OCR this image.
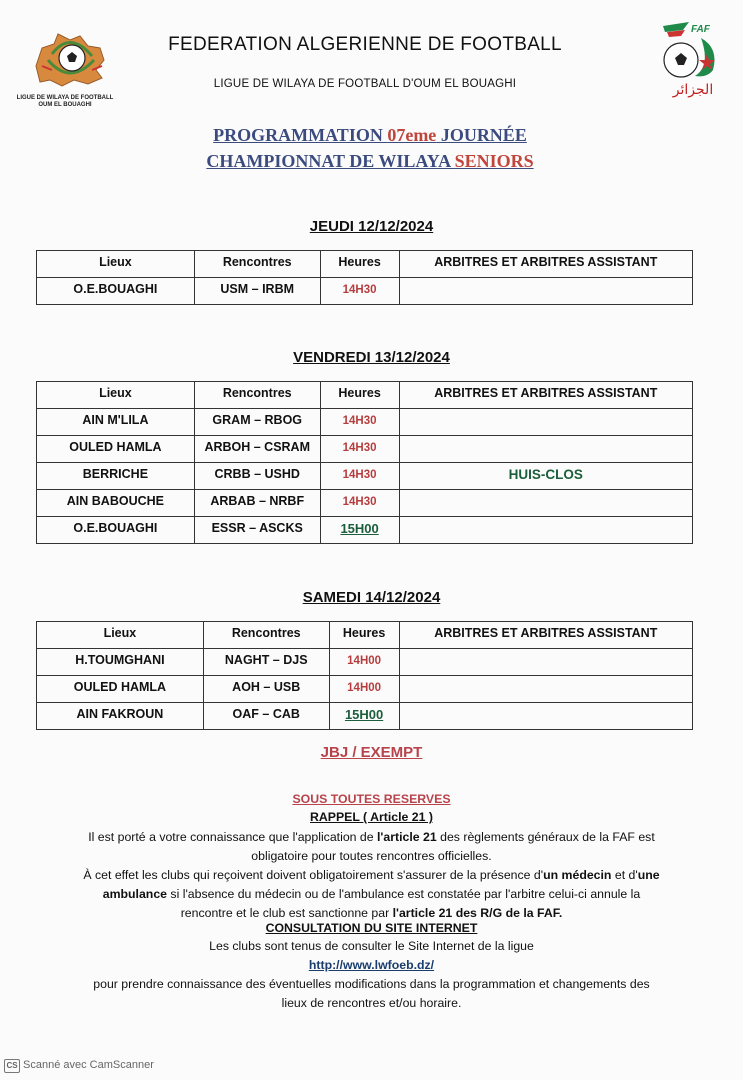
LIGUE DE WILAYA DE FOOTBALL
OUM EL BOUAGHI
FEDERATION ALGERIENNE DE FOOTBALL
LIGUE DE WILAYA DE FOOTBALL D'OUM EL BOUAGHI
FAF
الجزائر
PROGRAMMATION 07eme JOURNÉE
CHAMPIONNAT DE WILAYA SENIORS
JEUDI 12/12/2024
Lieux	Rencontres	Heures	ARBITRES ET ARBITRES ASSISTANT
O.E.BOUAGHI	USM – IRBM	14H30	
VENDREDI 13/12/2024
Lieux	Rencontres	Heures	ARBITRES ET ARBITRES ASSISTANT
AIN M'LILA	GRAM – RBOG	14H30	
OULED HAMLA	ARBOH – CSRAM	14H30	
BERRICHE	CRBB – USHD	14H30	HUIS-CLOS
AIN BABOUCHE	ARBAB – NRBF	14H30	
O.E.BOUAGHI	ESSR – ASCKS	15H00	
SAMEDI 14/12/2024
Lieux	Rencontres	Heures	ARBITRES ET ARBITRES ASSISTANT
H.TOUMGHANI	NAGHT – DJS	14H00	
OULED HAMLA	AOH – USB	14H00	
AIN FAKROUN	OAF – CAB	15H00	
JBJ / EXEMPT
SOUS TOUTES RESERVES
RAPPEL ( Article 21 )
Il est porté a votre connaissance que l'application de l'article 21 des règlements généraux de la FAF est
obligatoire pour toutes rencontres officielles.
À cet effet les clubs qui reçoivent doivent obligatoirement s'assurer de la présence d'un médecin et d'une
ambulance si l'absence du médecin ou de l'ambulance est constatée par l'arbitre celui-ci annule la
rencontre et le club est sanctionne par l'article 21 des R/G de la FAF.
CONSULTATION DU SITE INTERNET
Les clubs sont tenus de consulter le Site Internet de la ligue
http://www.lwfoeb.dz/
pour prendre connaissance des éventuelles modifications dans la programmation et changements des
lieux de rencontres et/ou horaire.
CS Scanné avec CamScanner
